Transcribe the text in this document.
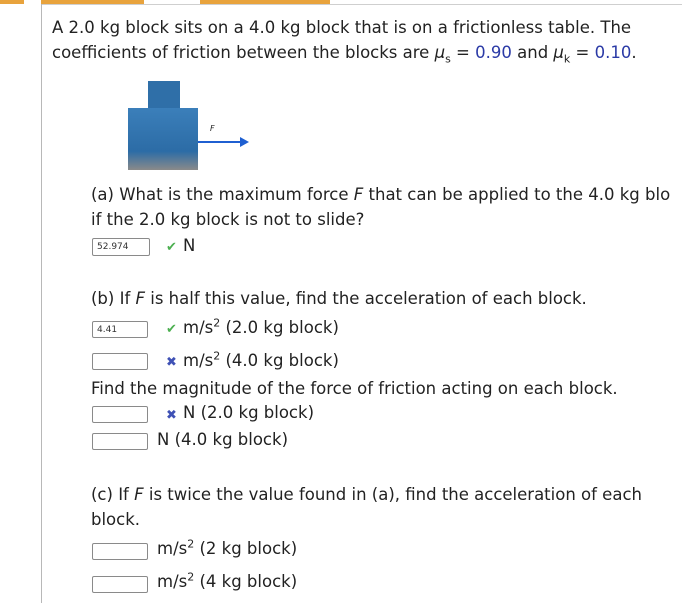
A 2.0 kg block sits on a 4.0 kg block that is on a frictionless table. The
coefficients of friction between the blocks are $\mu_s = 0.90$ and $\mu_k = 0.10$.
F
(a) What is the maximum force F that can be applied to the 4.0 kg blo
if the 2.0 kg block is not to slide?
52.974	✔ N
(b) If F is half this value, find the acceleration of each block.
4.41	✔ $m/s^2$ (2.0 kg block)
✖ $m/s^2$ (4.0 kg block)
Find the magnitude of the force of friction acting on each block.
✖ N (2.0 kg block)
N (4.0 kg block)
(c) If F is twice the value found in (a), find the acceleration of each
block.
$m/s^2$ (2 kg block)
$m/s^2$ (4 kg block)
